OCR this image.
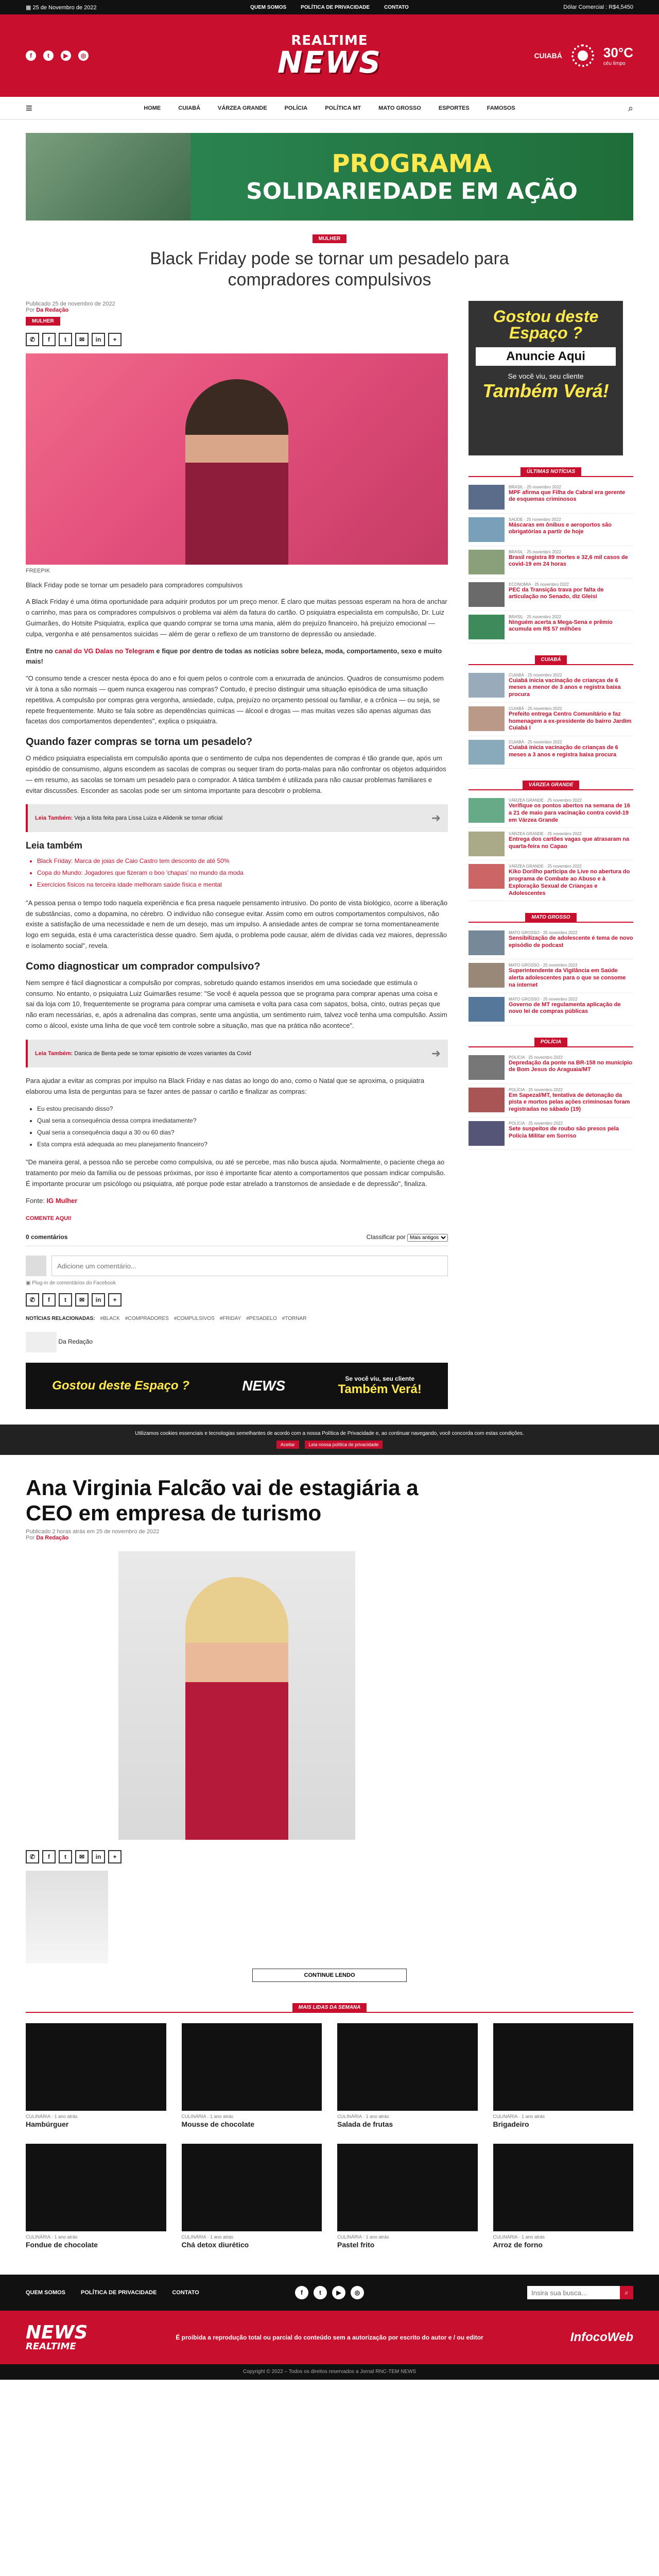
▦ 25 de Novembro de 2022	QUEM SOMOS	POLÍTICA DE PRIVACIDADE	CONTATO	Dólar Comercial : R$4,5450
f	t	▶	◎
REALTIME
NEWS	CUIABÁ	30°C
céu limpo
≡	HOME	CUIABÁ	VÁRZEA GRANDE	POLÍCIA	POLÍTICA MT	MATO GROSSO	ESPORTES	FAMOSOS	⌕
PROGRAMA
SOLIDARIEDADE EM AÇÃO
MULHER
Black Friday pode se tornar um pesadelo para compradores compulsivos
Publicado 25 de novembro de 2022
Por Da Redação
MULHER
✆	f	t	✉	in	+
FREEPIK

Black Friday pode se tornar um pesadelo para compradores compulsivos

A Black Friday é uma ótima oportunidade para adquirir produtos por um preço menor. É claro que muitas pessoas esperam na hora de anchar o carrinho, mas para os compradores compulsivos o problema vai além da fatura do cartão. O psiquiatra especialista em compulsão, Dr. Luiz Guimarães, do Hotsite Psiquiatra, explica que quando comprar se torna uma mania, além do prejuízo financeiro, há prejuízo emocional — culpa, vergonha e até pensamentos suicidas — além de gerar o reflexo de um transtorno de depressão ou ansiedade.

Entre no canal do VG Dalas no Telegram e fique por dentro de todas as notícias sobre beleza, moda, comportamento, sexo e muito mais!

"O consumo tende a crescer nesta época do ano e foi quem pelos o controle com a enxurrada de anúncios. Quadros de consumismo podem vir à tona a são normais — quem nunca exagerou nas compras? Contudo, é preciso distinguir uma situação episódica de uma situação repetitiva. A compulsão por compras gera vergonha, ansiedade, culpa, prejuízo no orçamento pessoal ou familiar, e a crônica — ou seja, se repete frequentemente. Muito se fala sobre as dependências químicas — álcool e drogas — mas muitas vezes são apenas algumas das facetas dos comportamentos dependentes", explica o psiquiatra.

Quando fazer compras se torna um pesadelo?

O médico psiquiatra especialista em compulsão aponta que o sentimento de culpa nos dependentes de compras é tão grande que, após um episódio de consumismo, alguns escondem as sacolas de compras ou sequer tiram do porta-malas para não confrontar os objetos adquiridos — em resumo, as sacolas se tornam um pesadelo para o comprador. A tática também é utilizada para não causar problemas familiares e evitar discussões. Esconder as sacolas pode ser um sintoma importante para descobrir o problema.

Leia Também: Veja a lista feita para Lissa Luiza e Alidenik se tornar oficial	➜
Leia também
• Black Friday: Marca de joias de Caio Castro tem desconto de até 50%
• Copa do Mundo: Jogadores que fizeram o boo 'chapas' no mundo da moda
• Exercícios físicos na terceira idade melhoram saúde física e mental

"A pessoa pensa o tempo todo naquela experiência e fica presa naquele pensamento intrusivo. Do ponto de vista biológico, ocorre a liberação de substâncias, como a dopamina, no cérebro. O indivíduo não consegue evitar. Assim como em outros comportamentos compulsivos, não existe a satisfação de uma necessidade e nem de um desejo, mas um impulso. A ansiedade antes de comprar se torna momentaneamente logo em seguida, esta é uma característica desse quadro. Sem ajuda, o problema pode causar, além de dívidas cada vez maiores, depressão e isolamento social", revela.

Como diagnosticar um comprador compulsivo?

Nem sempre é fácil diagnosticar a compulsão por compras, sobretudo quando estamos inseridos em uma sociedade que estimula o consumo. No entanto, o psiquiatra Luiz Guimarães resume: "Se você é aquela pessoa que se programa para comprar apenas uma coisa e sai da loja com 10, frequentemente se programa para comprar uma camiseta e volta para casa com sapatos, bolsa, cinto, outras peças que não eram necessárias, e, após a adrenalina das compras, sente uma angústia, um sentimento ruim, talvez você tenha uma compulsão. Assim como o álcool, existe uma linha de que você tem controle sobre a situação, mas que na prática não acontece".

Leia Também: Danica de Benta pede se tornar episiotrio de vozes variantes da Covid	➜

Para ajudar a evitar as compras por impulso na Black Friday e nas datas ao longo do ano, como o Natal que se aproxima, o psiquiatra elaborou uma lista de perguntas para se fazer antes de passar o cartão e finalizar as compras:

• Eu estou precisando disso?
• Qual seria a consequência dessa compra imediatamente?
• Qual seria a consequência daqui a 30 ou 60 dias?
• Esta compra está adequada ao meu planejamento financeiro?

"De maneira geral, a pessoa não se percebe como compulsiva, ou até se percebe, mas não busca ajuda. Normalmente, o paciente chega ao tratamento por meio da família ou de pessoas próximas, por isso é importante ficar atento a comportamentos que possam indicar compulsão. É importante procurar um psicólogo ou psiquiatra, até porque pode estar atrelado a transtornos de ansiedade e de depressão", finaliza.

Fonte: IG Mulher

COMENTE AQUI!

0 comentários	Classificar por
Mais antigos
Adicione um comentário...
▣ Plug-in de comentários do Facebook
✆	f	t	✉	in	+
NOTÍCIAS RELACIONADAS: #BLACK #COMPRADORES #COMPULSIVOS #FRIDAY #PESADELO #TORNAR
Da Redação
Gostou deste Espaço ?	NEWS	Se você viu, seu cliente
Também Verá!
Gostou deste Espaço ?
Anuncie Aqui
Se você viu, seu cliente
Também Verá!
ÚLTIMAS NOTÍCIAS
BRASIL · 25 novembro 2022
MPF afirma que Filha de Cabral era gerente de esquemas criminosos
SAÚDE · 25 novembro 2022
Máscaras em ônibus e aeroportos são obrigatórias a partir de hoje
BRASIL · 25 novembro 2022
Brasil registra 89 mortes e 32,6 mil casos de covid-19 em 24 horas
ECONOMIA · 25 novembro 2022
PEC da Transição trava por falta de articulação no Senado, diz Gleisi
BRASIL · 25 novembro 2022
Ninguém acerta a Mega-Sena e prêmio acumula em R$ 57 milhões
CUIABÁ
CUIABÁ · 25 novembro 2022
Cuiabá inicia vacinação de crianças de 6 meses a menor de 3 anos e registra baixa procura
CUIABÁ · 25 novembro 2022
Prefeito entrega Centro Comunitário e faz homenagem a ex-presidente do bairro Jardim Cuiabá I
CUIABÁ · 25 novembro 2022
Cuiabá inicia vacinação de crianças de 6 meses a 3 anos e registra baixa procura
VÁRZEA GRANDE
VÁRZEA GRANDE · 25 novembro 2022
Verifique os pontos abertos na semana de 16 a 21 de maio para vacinação contra covid-19 em Várzea Grande
VÁRZEA GRANDE · 25 novembro 2022
Entrega dos cartões vagas que atrasaram na quarta-feira no Capao
VÁRZEA GRANDE · 25 novembro 2022
Kiko Dorilho participa de Live no abertura do programa de Combate ao Abuso e à Exploração Sexual de Crianças e Adolescentes
MATO GROSSO
MATO GROSSO · 25 novembro 2022
Sensibilização de adolescente é tema de novo episódio de podcast
MATO GROSSO · 25 novembro 2022
Superintendente da Vigilância em Saúde alerta adolescentes para o que se consome na internet
MATO GROSSO · 25 novembro 2022
Governo de MT regulamenta aplicação de novo lei de compras públicas
POLÍCIA
POLÍCIA · 25 novembro 2022
Depredação da ponte na BR-158 no município de Bom Jesus do Araguaia/MT
POLÍCIA · 25 novembro 2022
Em Sapezal/MT, tentativa de detonação da pista e mortos pelas ações criminosas foram registradas no sábado (19)
POLÍCIA · 25 novembro 2022
Sete suspeitos de roubo são presos pela Polícia Militar em Sorriso
Utilizamos cookies essenciais e tecnologias semelhantes de acordo com a nossa Política de Privacidade e, ao continuar navegando, você concorda com estas condições.
Aceitar	Leia nossa política de privacidade
Ana Virginia Falcão vai de estagiária a CEO em empresa de turismo
Publicado 2 horas atrás em 25 de novembro de 2022
Por Da Redação
✆	f	t	✉	in	+
CONTINUE LENDO
MAIS LIDAS DA SEMANA
CULINÁRIA · 1 ano atrás
Hambúrguer
CULINÁRIA · 1 ano atrás
Mousse de chocolate
CULINÁRIA · 1 ano atrás
Salada de frutas
CULINÁRIA · 1 ano atrás
Brigadeiro
CULINÁRIA · 1 ano atrás
Fondue de chocolate
CULINÁRIA · 1 ano atrás
Chá detox diurético
CULINÁRIA · 1 ano atrás
Pastel frito
CULINÁRIA · 1 ano atrás
Arroz de forno
QUEM SOMOS	POLÍTICA DE PRIVACIDADE	CONTATO	f	t	▶	◎
Insira sua busca...	⌕
NEWS
REALTIME
É proibida a reprodução total ou parcial do conteúdo sem a autorização por escrito do autor e / ou editor	InfocoWeb
Copyright © 2022 – Todos os direitos reservados a Jornal RNC-TEM NEWS
